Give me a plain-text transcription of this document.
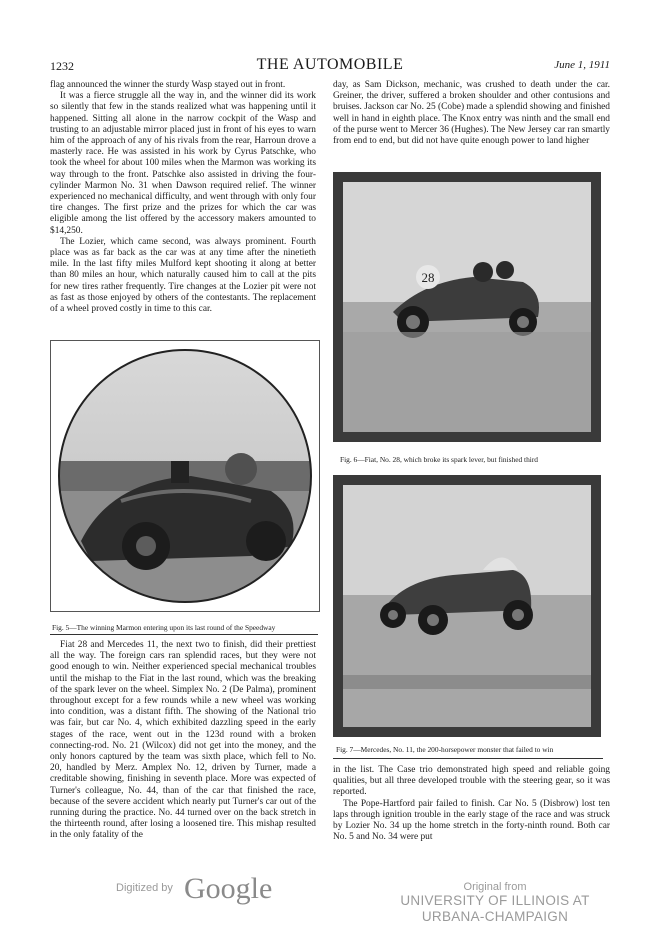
1232	THE AUTOMOBILE	June 1, 1911

flag announced the winner the sturdy Wasp stayed out in front.

It was a fierce struggle all the way in, and the winner did its work so silently that few in the stands realized what was happening until it happened. Sitting all alone in the narrow cockpit of the Wasp and trusting to an adjustable mirror placed just in front of his eyes to warn him of the approach of any of his rivals from the rear, Harroun drove a masterly race. He was assisted in his work by Cyrus Patschke, who took the wheel for about 100 miles when the Marmon was working its way through to the front. Patschke also assisted in driving the four-cylinder Marmon No. 31 when Dawson required relief. The winner experienced no mechanical difficulty, and went through with only four tire changes. The first prize and the prizes for which the car was eligible among the list offered by the accessory makers amounted to $14,250.

The Lozier, which came second, was always prominent. Fourth place was as far back as the car was at any time after the ninetieth mile. In the last fifty miles Mulford kept shooting it along at better than 80 miles an hour, which naturally caused him to call at the pits for new tires rather frequently. Tire changes at the Lozier pit were not as fast as those enjoyed by others of the contestants. The replacement of a wheel proved costly in time to this car.

Fig. 5—The winning Marmon entering upon its last round of the Speedway

Fiat 28 and Mercedes 11, the next two to finish, did their prettiest all the way. The foreign cars ran splendid races, but they were not good enough to win. Neither experienced special mechanical troubles until the mishap to the Fiat in the last round, which was the breaking of the spark lever on the wheel. Simplex No. 2 (De Palma), prominent throughout except for a few rounds while a new wheel was working into condition, was a distant fifth. The showing of the National trio was fair, but car No. 4, which exhibited dazzling speed in the early stages of the race, went out in the 123d round with a broken connecting-rod. No. 21 (Wilcox) did not get into the money, and the only honors captured by the team was sixth place, which fell to No. 20, handled by Merz. Amplex No. 12, driven by Turner, made a creditable showing, finishing in seventh place. More was expected of Turner's colleague, No. 44, than of the car that finished the race, because of the severe accident which nearly put Turner's car out of the running during the practice. No. 44 turned over on the back stretch in the thirteenth round, after losing a loosened tire. This mishap resulted in the only fatality of the

day, as Sam Dickson, mechanic, was crushed to death under the car. Greiner, the driver, suffered a broken shoulder and other contusions and bruises. Jackson car No. 25 (Cobe) made a splendid showing and finished well in hand in eighth place. The Knox entry was ninth and the small end of the purse went to Mercer 36 (Hughes). The New Jersey car ran smartly from end to end, but did not have quite enough power to land higher

28
Fig. 6—Fiat, No. 28, which broke its spark lever, but finished third
Fig. 7—Mercedes, No. 11, the 200-horsepower monster that failed to win

in the list. The Case trio demonstrated high speed and reliable going qualities, but all three developed trouble with the steering gear, so it was reported.

The Pope-Hartford pair failed to finish. Car No. 5 (Disbrow) lost ten laps through ignition trouble in the early stage of the race and was struck by Lozier No. 34 up the home stretch in the forty-ninth round. Both car No. 5 and No. 34 were put

Digitized by Google	Original from
UNIVERSITY OF ILLINOIS AT
URBANA-CHAMPAIGN
